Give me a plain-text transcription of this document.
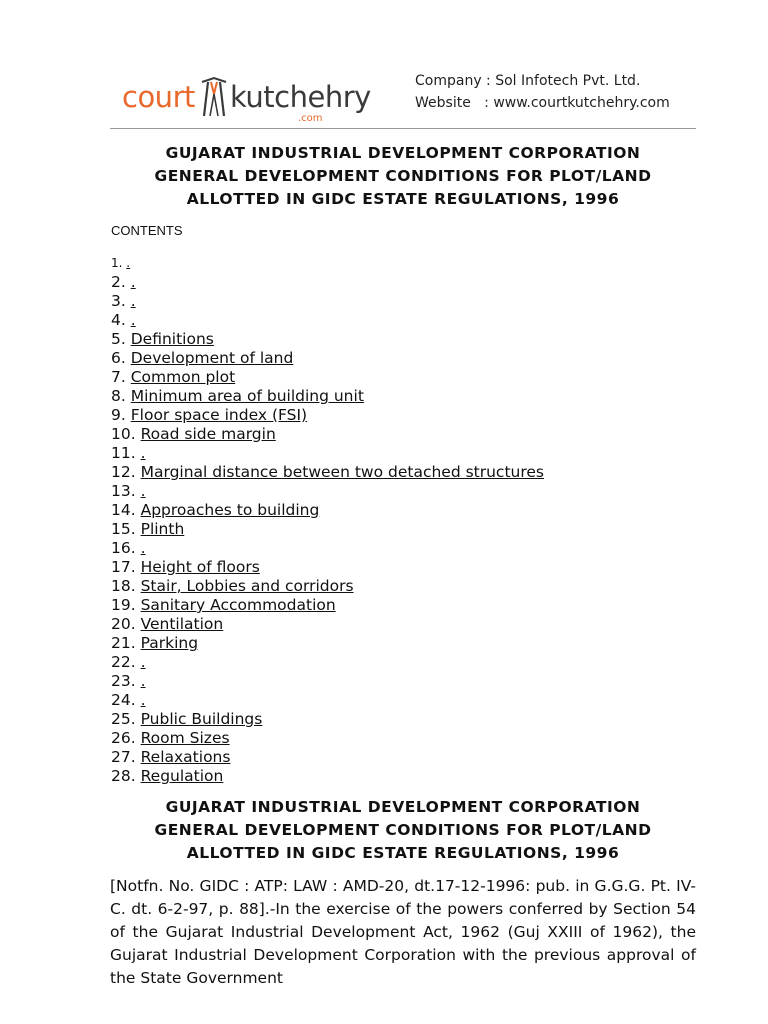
court kutchehry
.com
Company : Sol Infotech Pvt. Ltd.
Website   : www.courtkutchehry.com
GUJARAT INDUSTRIAL DEVELOPMENT CORPORATION
GENERAL DEVELOPMENT CONDITIONS FOR PLOT/LAND
ALLOTTED IN GIDC ESTATE REGULATIONS, 1996
CONTENTS
1. .
2. .
3. .
4. .
5. Definitions
6. Development of land
7. Common plot
8. Minimum area of building unit
9. Floor space index (FSI)
10. Road side margin
11. .
12. Marginal distance between two detached structures
13. .
14. Approaches to building
15. Plinth
16. .
17. Height of floors
18. Stair, Lobbies and corridors
19. Sanitary Accommodation
20. Ventilation
21. Parking
22. .
23. .
24. .
25. Public Buildings
26. Room Sizes
27. Relaxations
28. Regulation
GUJARAT INDUSTRIAL DEVELOPMENT CORPORATION
GENERAL DEVELOPMENT CONDITIONS FOR PLOT/LAND
ALLOTTED IN GIDC ESTATE REGULATIONS, 1996
[Notfn. No. GIDC : ATP: LAW : AMD-20, dt.17-12-1996: pub. in G.G.G. Pt. IV-C. dt. 6-2-97, p. 88].-In the exercise of the powers conferred by Section 54 of the Gujarat Industrial Development Act, 1962 (Guj XXIII of 1962), the Gujarat Industrial Development Corporation with the previous approval of the State Government
